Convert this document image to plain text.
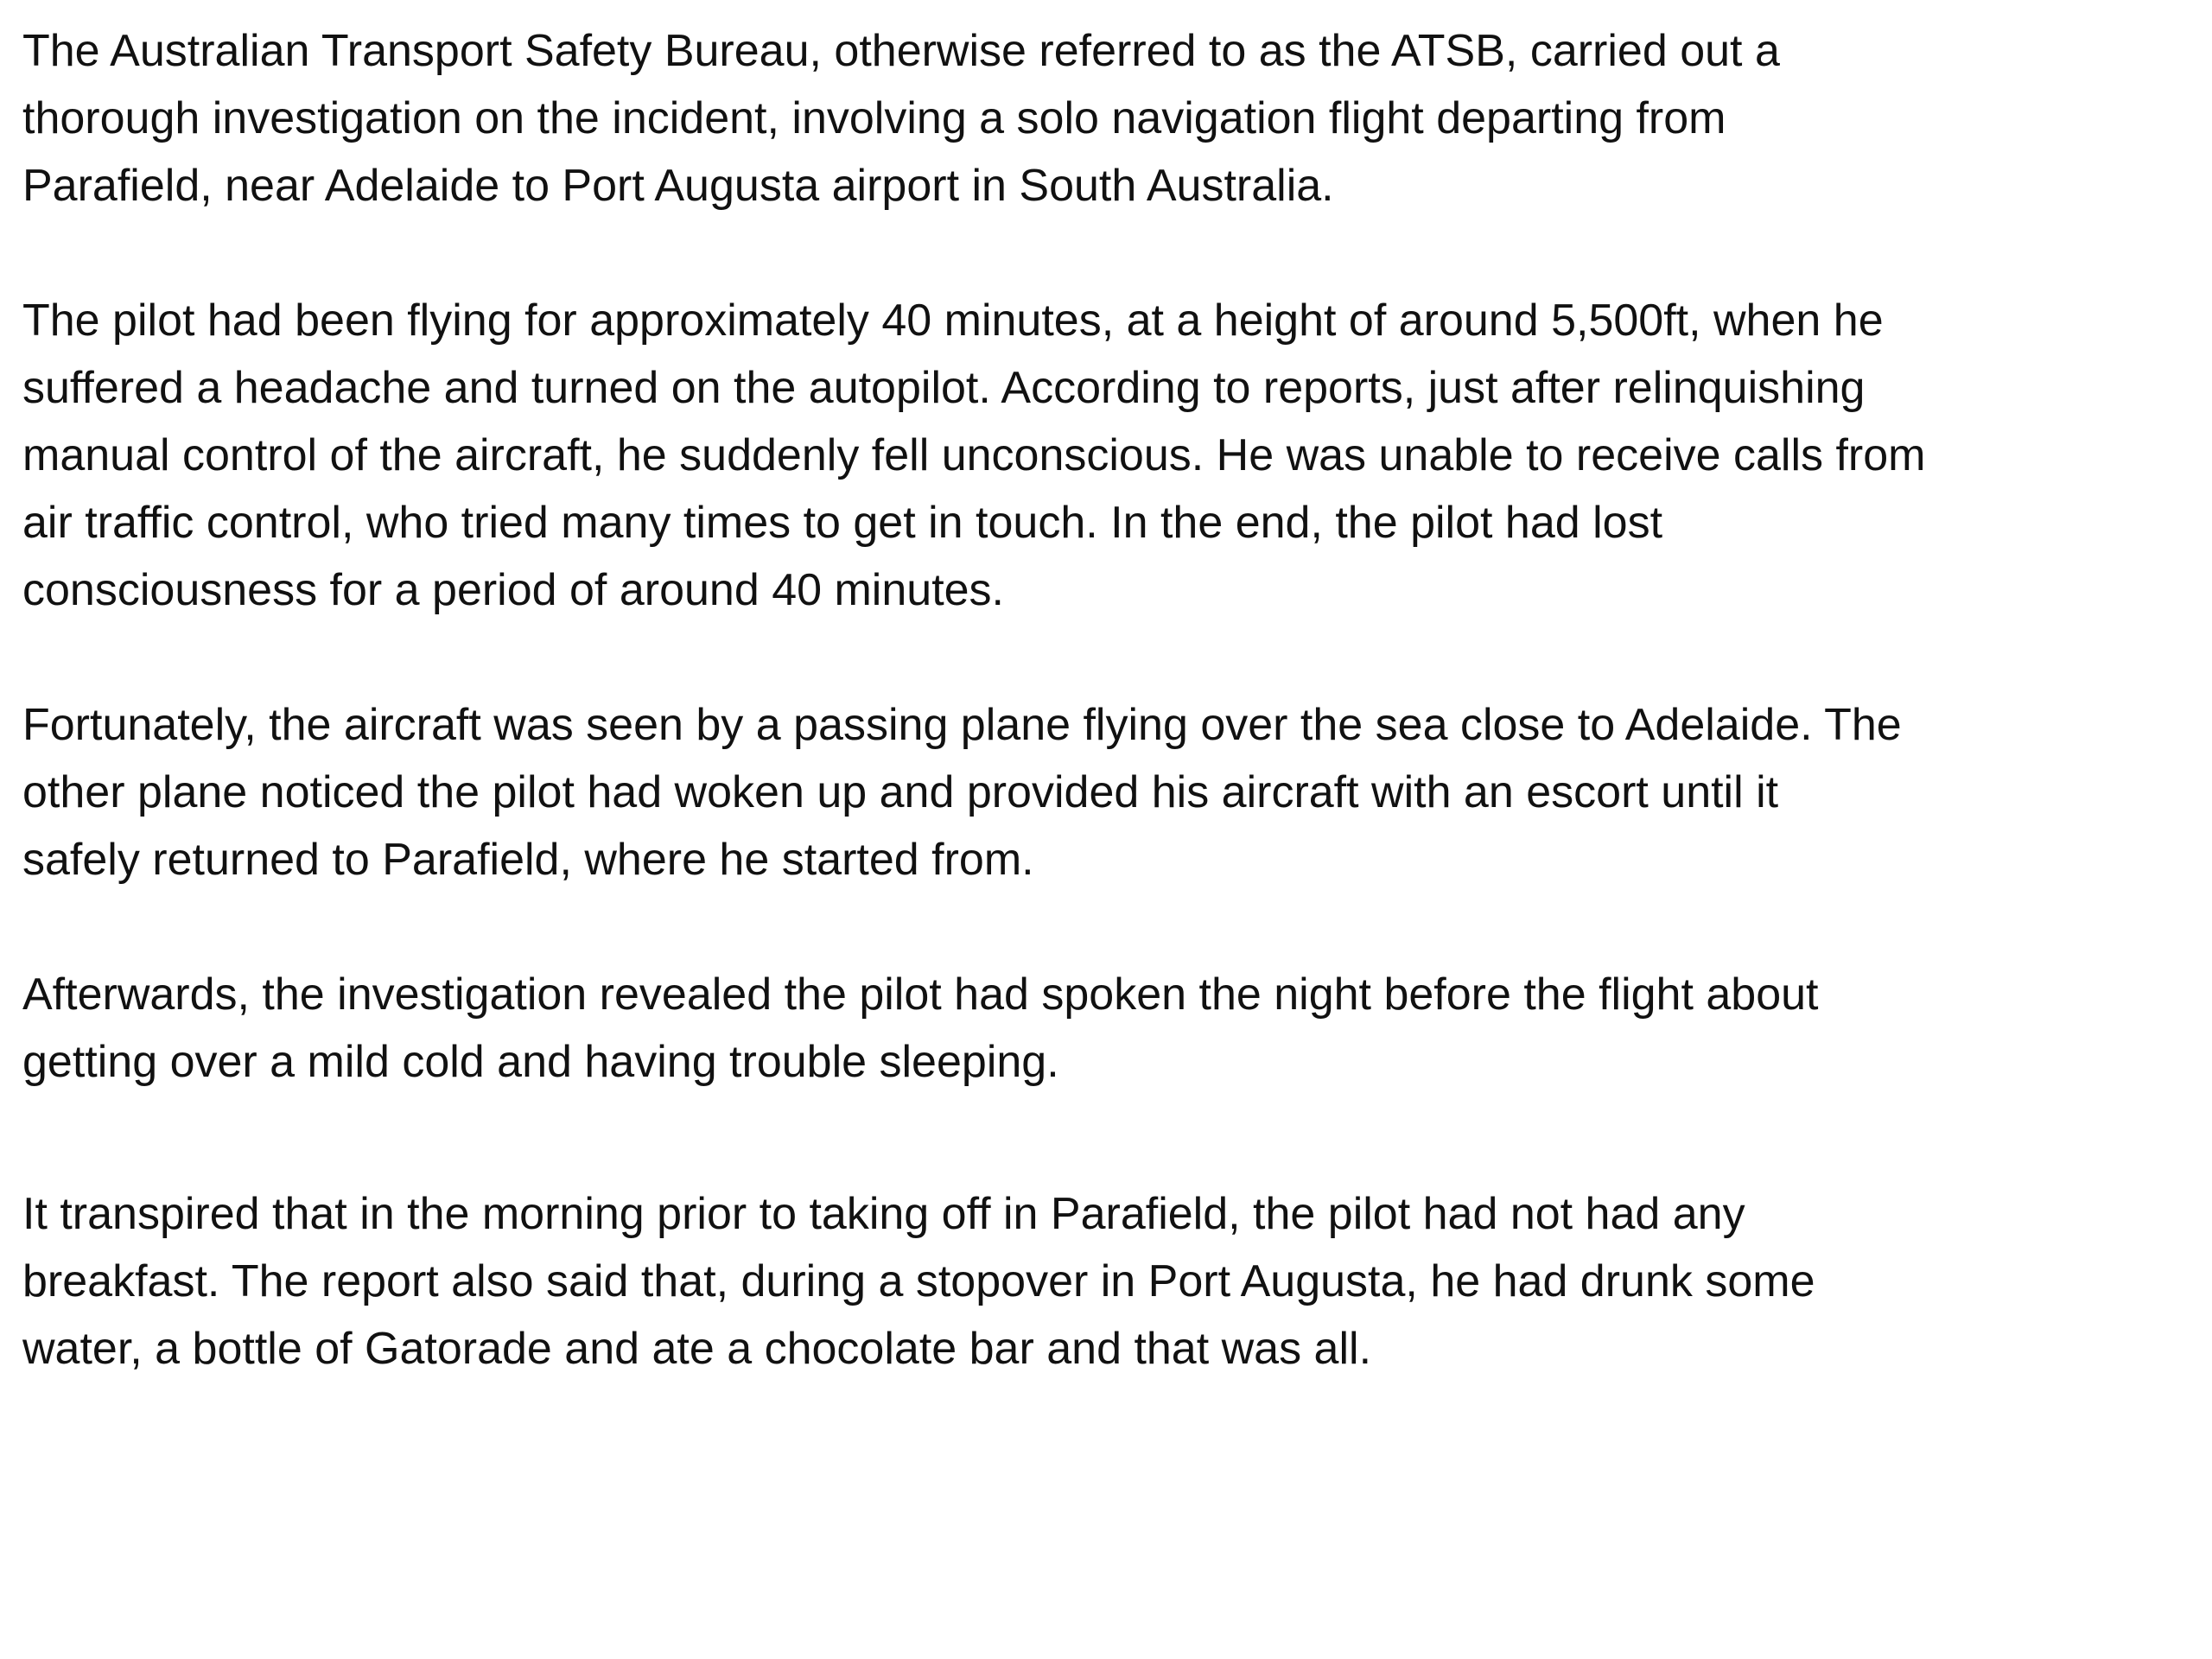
The Australian Transport Safety Bureau, otherwise referred to as the ATSB, carried out a
thorough investigation on the incident, involving a solo navigation flight departing from
Parafield, near Adelaide to Port Augusta airport in South Australia.

The pilot had been flying for approximately 40 minutes, at a height of around 5,500ft, when he
suffered a headache and turned on the autopilot. According to reports, just after relinquishing
manual control of the aircraft, he suddenly fell unconscious. He was unable to receive calls from
air traffic control, who tried many times to get in touch. In the end, the pilot had lost
consciousness for a period of around 40 minutes.

Fortunately, the aircraft was seen by a passing plane flying over the sea close to Adelaide. The
other plane noticed the pilot had woken up and provided his aircraft with an escort until it
safely returned to Parafield, where he started from.

Afterwards, the investigation revealed the pilot had spoken the night before the flight about
getting over a mild cold and having trouble sleeping.

It transpired that in the morning prior to taking off in Parafield, the pilot had not had any
breakfast. The report also said that, during a stopover in Port Augusta, he had drunk some
water, a bottle of Gatorade and ate a chocolate bar and that was all.
